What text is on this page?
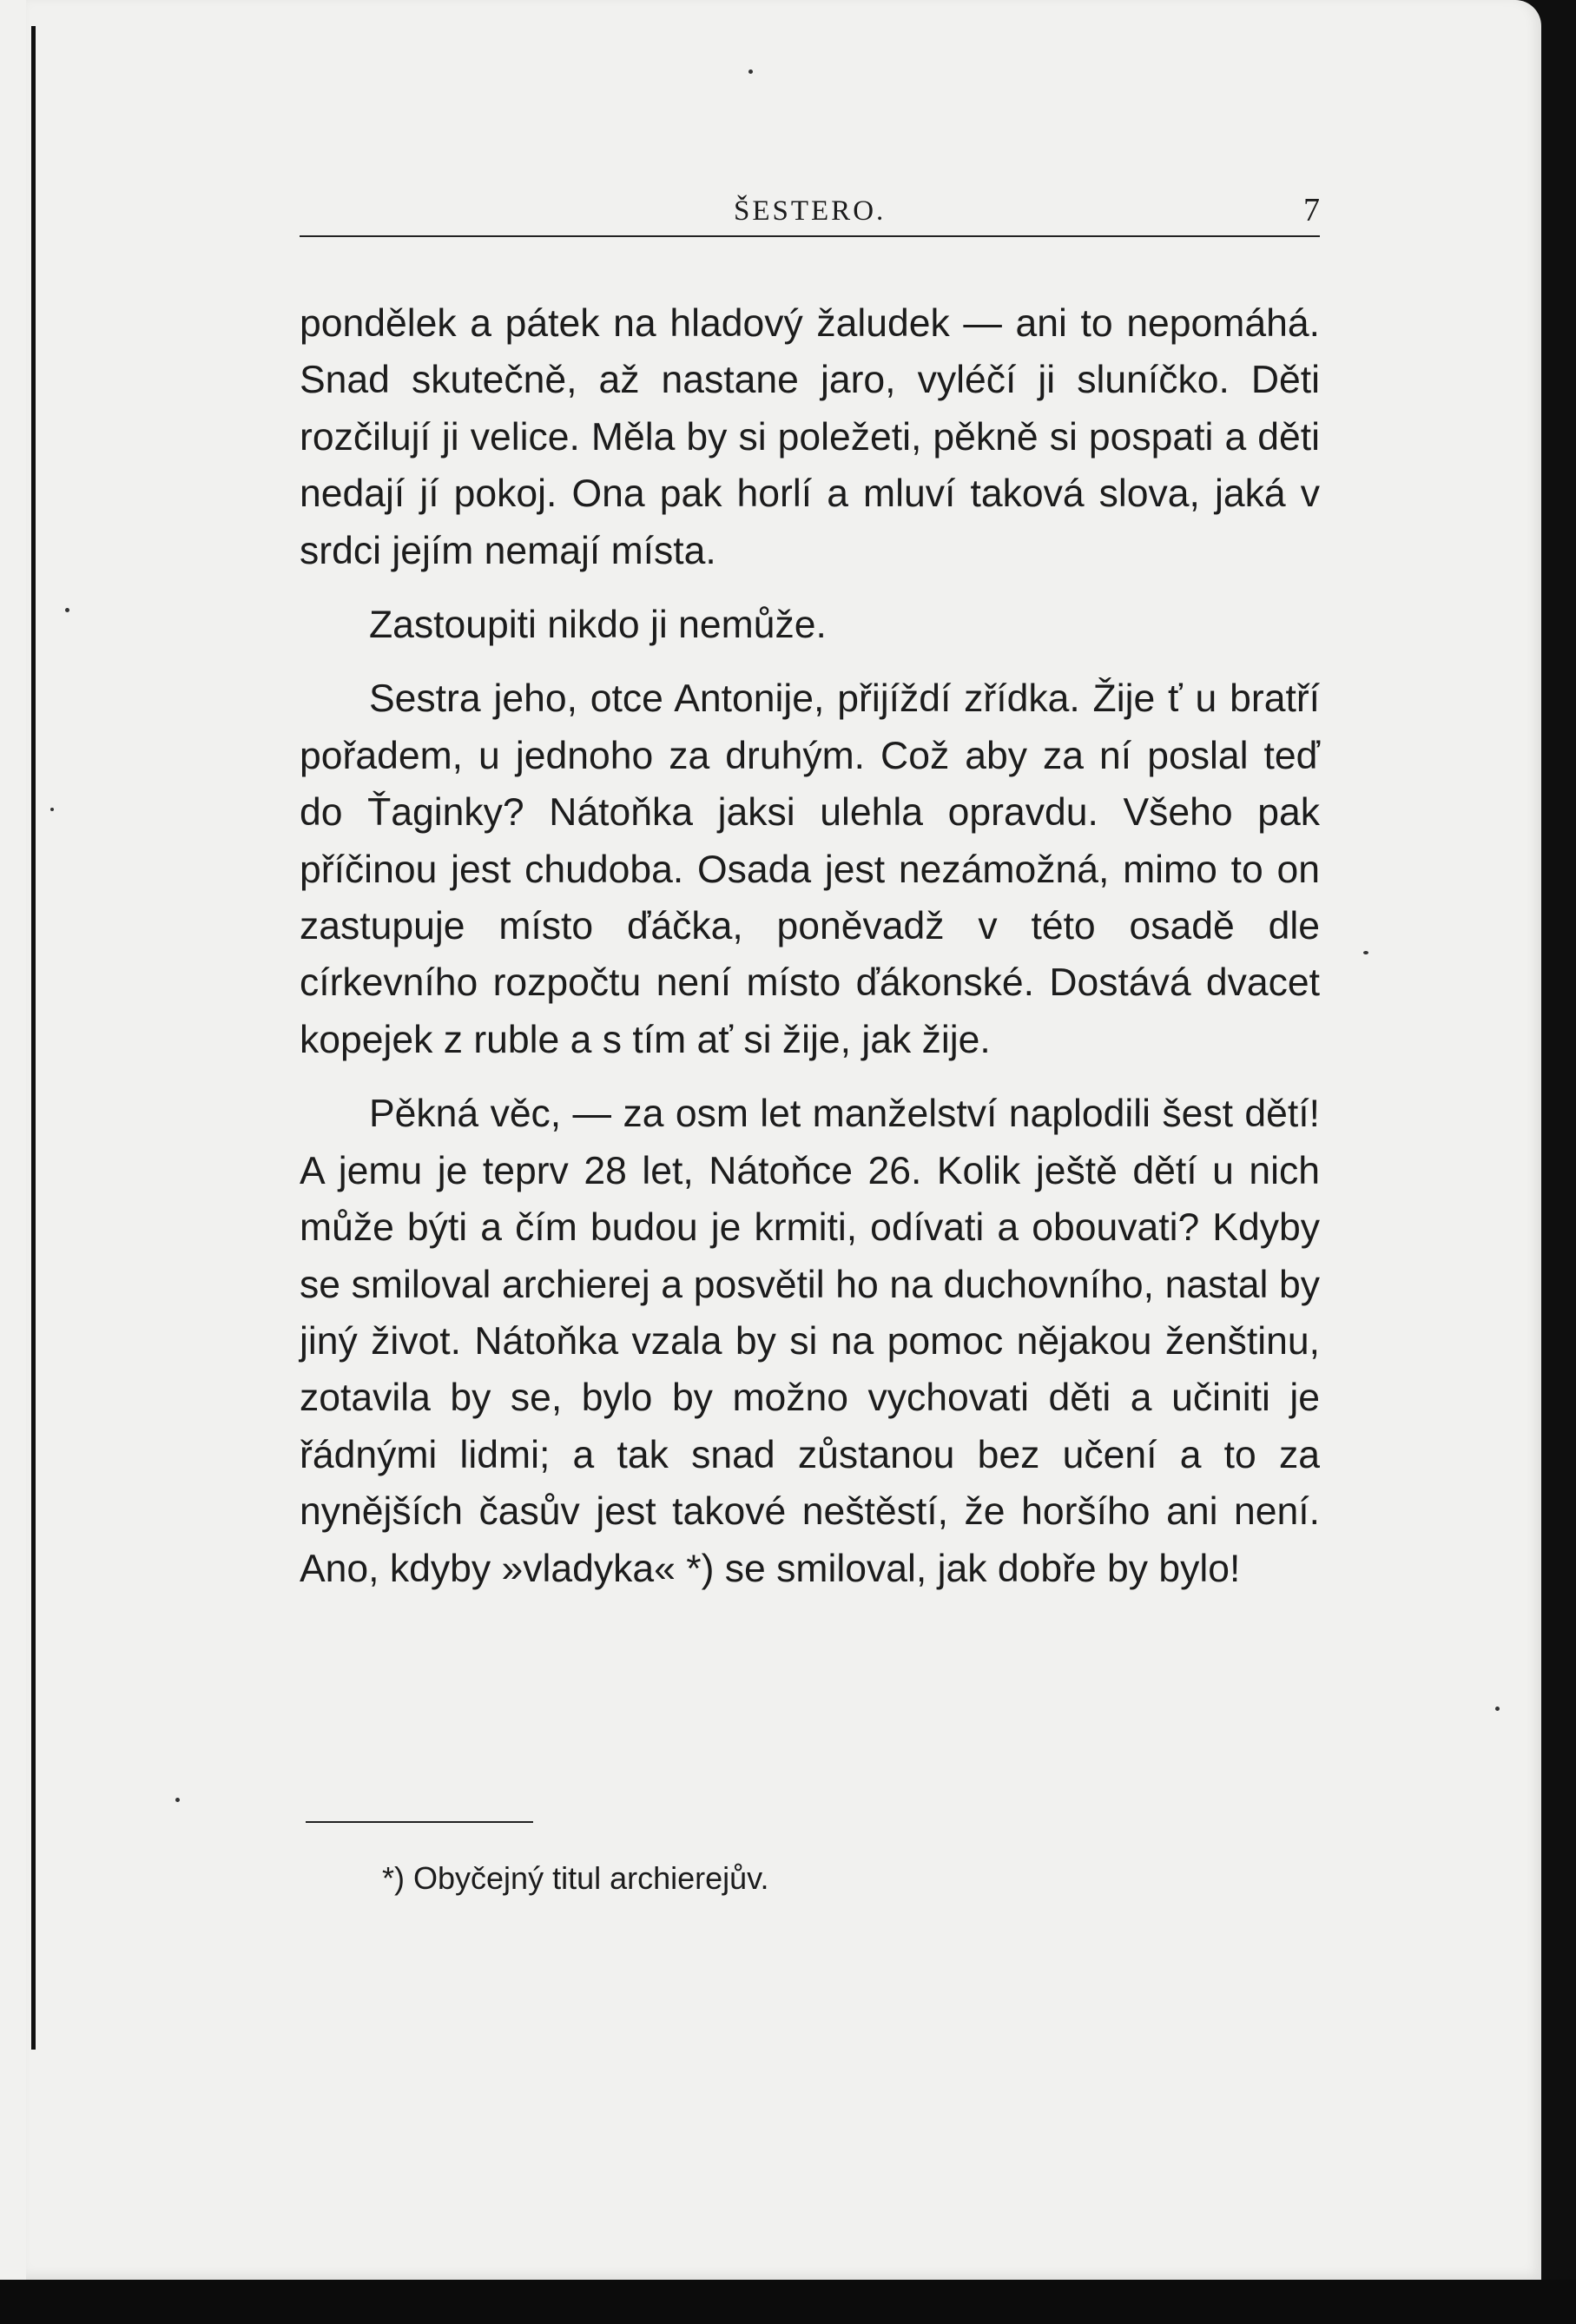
ŠESTERO.	7

pondělek a pátek na hladový žaludek — ani to nepomáhá. Snad skutečně, až nastane jaro, vyléčí ji sluníčko. Děti rozčilují ji velice. Měla by si poležeti, pěkně si pospati a děti nedají jí pokoj. Ona pak horlí a mluví taková slova, jaká v srdci jejím nemají místa.

Zastoupiti nikdo ji nemůže.

Sestra jeho, otce Antonije, přijíždí zřídka. Žije ť u bratří pořadem, u jednoho za druhým. Což aby za ní poslal teď do Ťaginky? Nátoňka jaksi ulehla opravdu. Všeho pak příčinou jest chudoba. Osada jest nezámožná, mimo to on zastupuje místo ďáčka, poněvadž v této osadě dle církevního rozpočtu není místo ďákonské. Dostává dvacet kopejek z ruble a s tím ať si žije, jak žije.

Pěkná věc, — za osm let manželství naplodili šest dětí! A jemu je teprv 28 let, Nátoňce 26. Kolik ještě dětí u nich může býti a čím budou je krmiti, odívati a obouvati? Kdyby se smiloval archierej a posvětil ho na duchovního, nastal by jiný život. Nátoňka vzala by si na pomoc nějakou ženštinu, zotavila by se, bylo by možno vychovati děti a učiniti je řádnými lidmi; a tak snad zůstanou bez učení a to za nynějších časův jest takové neštěstí, že horšího ani není. Ano, kdyby »vladyka« *) se smiloval, jak dobře by bylo!

*) Obyčejný titul archierejův.
